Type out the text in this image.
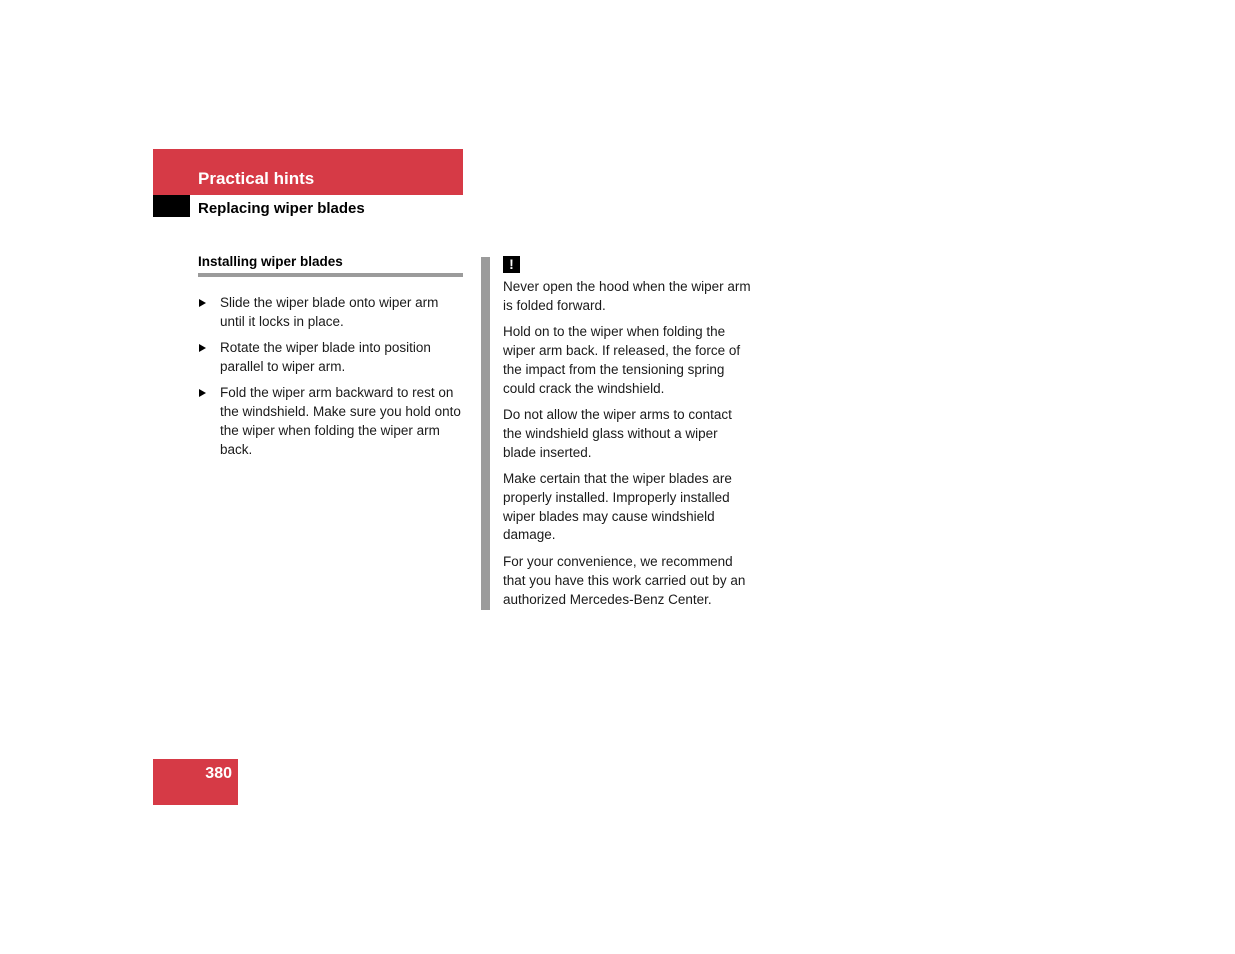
Practical hints
Replacing wiper blades
Installing wiper blades
Slide the wiper blade onto wiper arm until it locks in place.
Rotate the wiper blade into position parallel to wiper arm.
Fold the wiper arm backward to rest on the windshield. Make sure you hold onto the wiper when folding the wiper arm back.
!

Never open the hood when the wiper arm is folded forward.

Hold on to the wiper when folding the wiper arm back. If released, the force of the impact from the tensioning spring could crack the windshield.

Do not allow the wiper arms to contact the windshield glass without a wiper blade inserted.

Make certain that the wiper blades are properly installed. Improperly installed wiper blades may cause windshield damage.

For your convenience, we recommend that you have this work carried out by an authorized Mercedes-Benz Center.

380
